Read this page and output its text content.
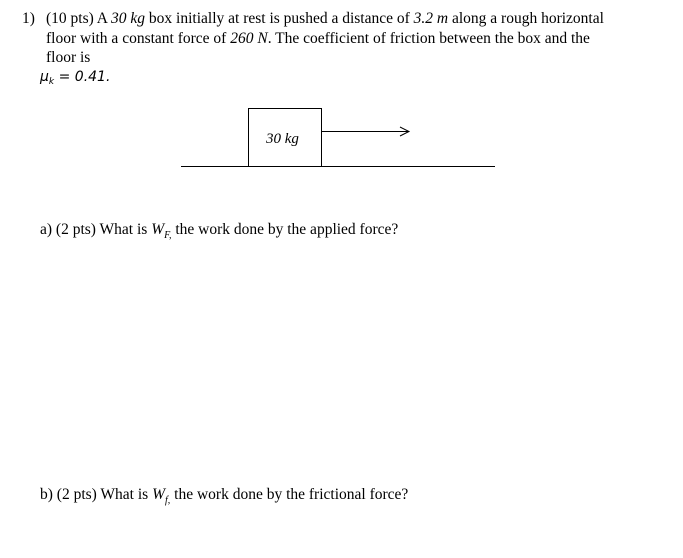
1) (10 pts) A 30 kg box initially at rest is pushed a distance of 3.2 m along a rough horizontal
floor with a constant force of 260 N. The coefficient of friction between the box and the
floor is
$\mu_k = 0.41$.
30 kg
a) (2 pts) What is $W_{F,}$ the work done by the applied force?
b) (2 pts) What is $W_{f,}$ the work done by the frictional force?
